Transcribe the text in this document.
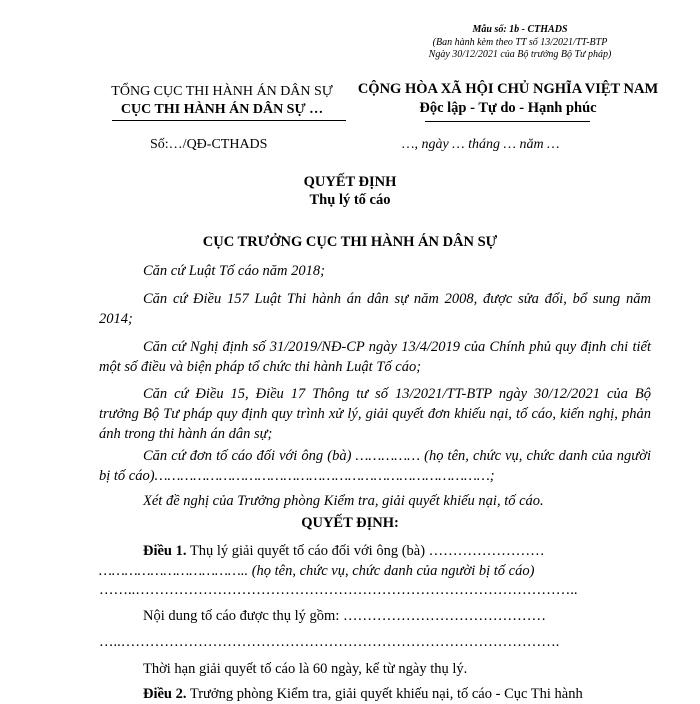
Mẫu số: 1b - CTHADS
(Ban hành kèm theo TT số 13/2021/TT-BTP
Ngày 30/12/2021 của Bộ trưởng Bộ Tư pháp)
TỔNG CỤC THI HÀNH ÁN DÂN SỰ
CỤC THI HÀNH ÁN DÂN SỰ …
CỘNG HÒA XÃ HỘI CHỦ NGHĨA VIỆT NAM
Độc lập - Tự do - Hạnh phúc
Số:…/QĐ-CTHADS	…, ngày … tháng … năm …
QUYẾT ĐỊNH
Thụ lý tố cáo
CỤC TRƯỞNG CỤC THI HÀNH ÁN DÂN SỰ
Căn cứ Luật Tố cáo năm 2018;
Căn cứ Điều 157 Luật Thi hành án dân sự năm 2008, được sửa đổi, bổ sung năm 2014;
Căn cứ Nghị định số 31/2019/NĐ-CP ngày 13/4/2019 của Chính phủ quy định chi tiết một số điều và biện pháp tổ chức thi hành Luật Tố cáo;
Căn cứ Điều 15, Điều 17 Thông tư số 13/2021/TT-BTP ngày 30/12/2021 của Bộ trưởng Bộ Tư pháp quy định quy trình xử lý, giải quyết đơn khiếu nại, tố cáo, kiến nghị, phản ánh trong thi hành án dân sự;
Căn cứ đơn tố cáo đối với ông (bà) …………… (họ tên, chức vụ, chức danh của người bị tố cáo)……………………………………………………………………;
Xét đề nghị của Trưởng phòng Kiểm tra, giải quyết khiếu nại, tố cáo.
QUYẾT ĐỊNH:
Điều 1. Thụ lý giải quyết tố cáo đối với ông (bà) ……………………
…………………………….. (họ tên, chức vụ, chức danh của người bị tố cáo)
……..………………………………………………………………………………..
Nội dung tố cáo được thụ lý gồm: ……………………………………
…..……………………………………………………………………………….
Thời hạn giải quyết tố cáo là 60 ngày, kể từ ngày thụ lý.
Điều 2. Trưởng phòng Kiểm tra, giải quyết khiếu nại, tố cáo - Cục Thi hành
